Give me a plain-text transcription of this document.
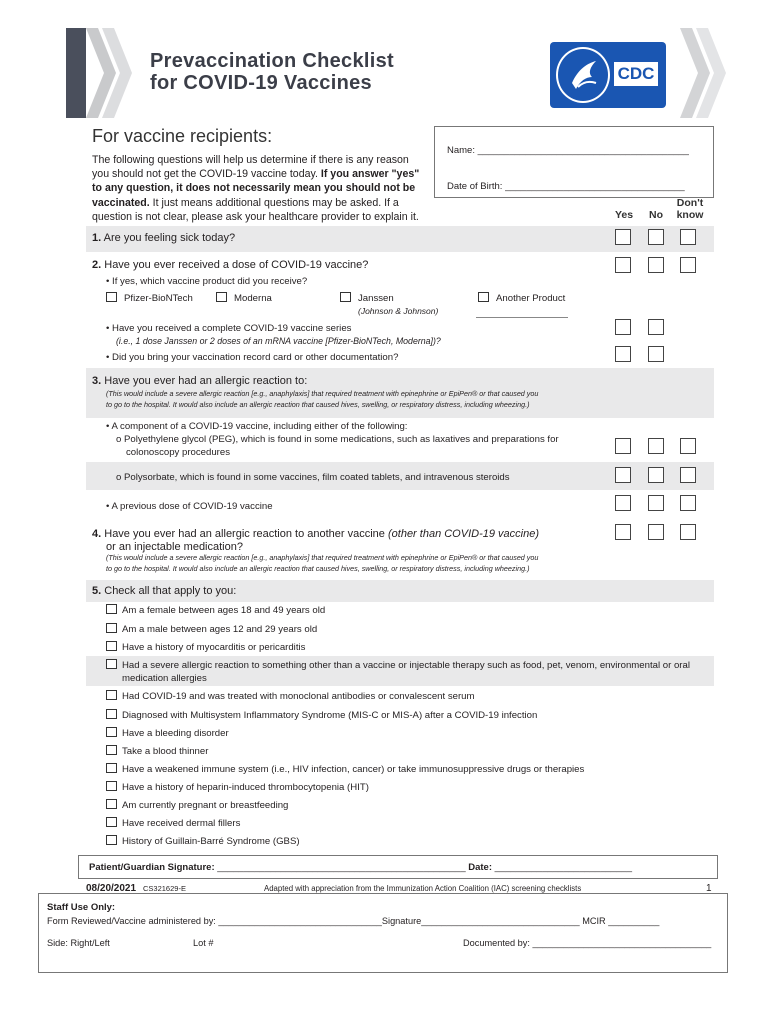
Prevaccination Checklist
for COVID-19 Vaccines	CDC
For vaccine recipients:
The following questions will help us determine if there is any reason
you should not get the COVID-19 vaccine today. If you answer "yes"
to any question, it does not necessarily mean you should not be
vaccinated. It just means additional questions may be asked. If a
question is not clear, please ask your healthcare provider to explain it.
Name: ________________________________________
Date of Birth: __________________________________
Yes	No
Don't
know
1. Are you feeling sick today?
2. Have you ever received a dose of COVID-19 vaccine?
• If yes, which vaccine product did you receive?
Pfizer-BioNTech	Moderna	Janssen
(Johnson & Johnson)
Another Product
• Have you received a complete COVID-19 vaccine series
(i.e., 1 dose Janssen or 2 doses of an mRNA vaccine [Pfizer-BioNTech, Moderna])?
• Did you bring your vaccination record card or other documentation?
3. Have you ever had an allergic reaction to:
(This would include a severe allergic reaction [e.g., anaphylaxis] that required treatment with epinephrine or EpiPen® or that caused you
to go to the hospital. It would also include an allergic reaction that caused hives, swelling, or respiratory distress, including wheezing.)
• A component of a COVID-19 vaccine, including either of the following:
o Polyethylene glycol (PEG), which is found in some medications, such as laxatives and preparations for
colonoscopy procedures
o Polysorbate, which is found in some vaccines, film coated tablets, and intravenous steroids
• A previous dose of COVID-19 vaccine
4. Have you ever had an allergic reaction to another vaccine (other than COVID-19 vaccine)
or an injectable medication?
(This would include a severe allergic reaction [e.g., anaphylaxis] that required treatment with epinephrine or EpiPen® or that caused you
to go to the hospital. It would also include an allergic reaction that caused hives, swelling, or respiratory distress, including wheezing.)
5. Check all that apply to you:
Am a female between ages 18 and 49 years old
Am a male between ages 12 and 29 years old
Have a history of myocarditis or pericarditis
Had a severe allergic reaction to something other than a vaccine or injectable therapy such as food, pet, venom, environmental or oral
medication allergies
Had COVID-19 and was treated with monoclonal antibodies or convalescent serum
Diagnosed with Multisystem Inflammatory Syndrome (MIS-C or MIS-A) after a COVID-19 infection
Have a bleeding disorder
Take a blood thinner
Have a weakened immune system (i.e., HIV infection, cancer) or take immunosuppressive drugs or therapies
Have a history of heparin-induced thrombocytopenia (HIT)
Am currently pregnant or breastfeeding
Have received dermal fillers
History of Guillain-Barré Syndrome (GBS)
Patient/Guardian Signature: _______________________________________________ Date: __________________________
08/20/2021 CS321629-E	Adapted with appreciation from the Immunization Action Coalition (IAC) screening checklists	1
Staff Use Only:
Form Reviewed/Vaccine administered by: ________________________________Signature_______________________________ MCIR __________
Side: Right/Left	Lot #	Documented by: ___________________________________
